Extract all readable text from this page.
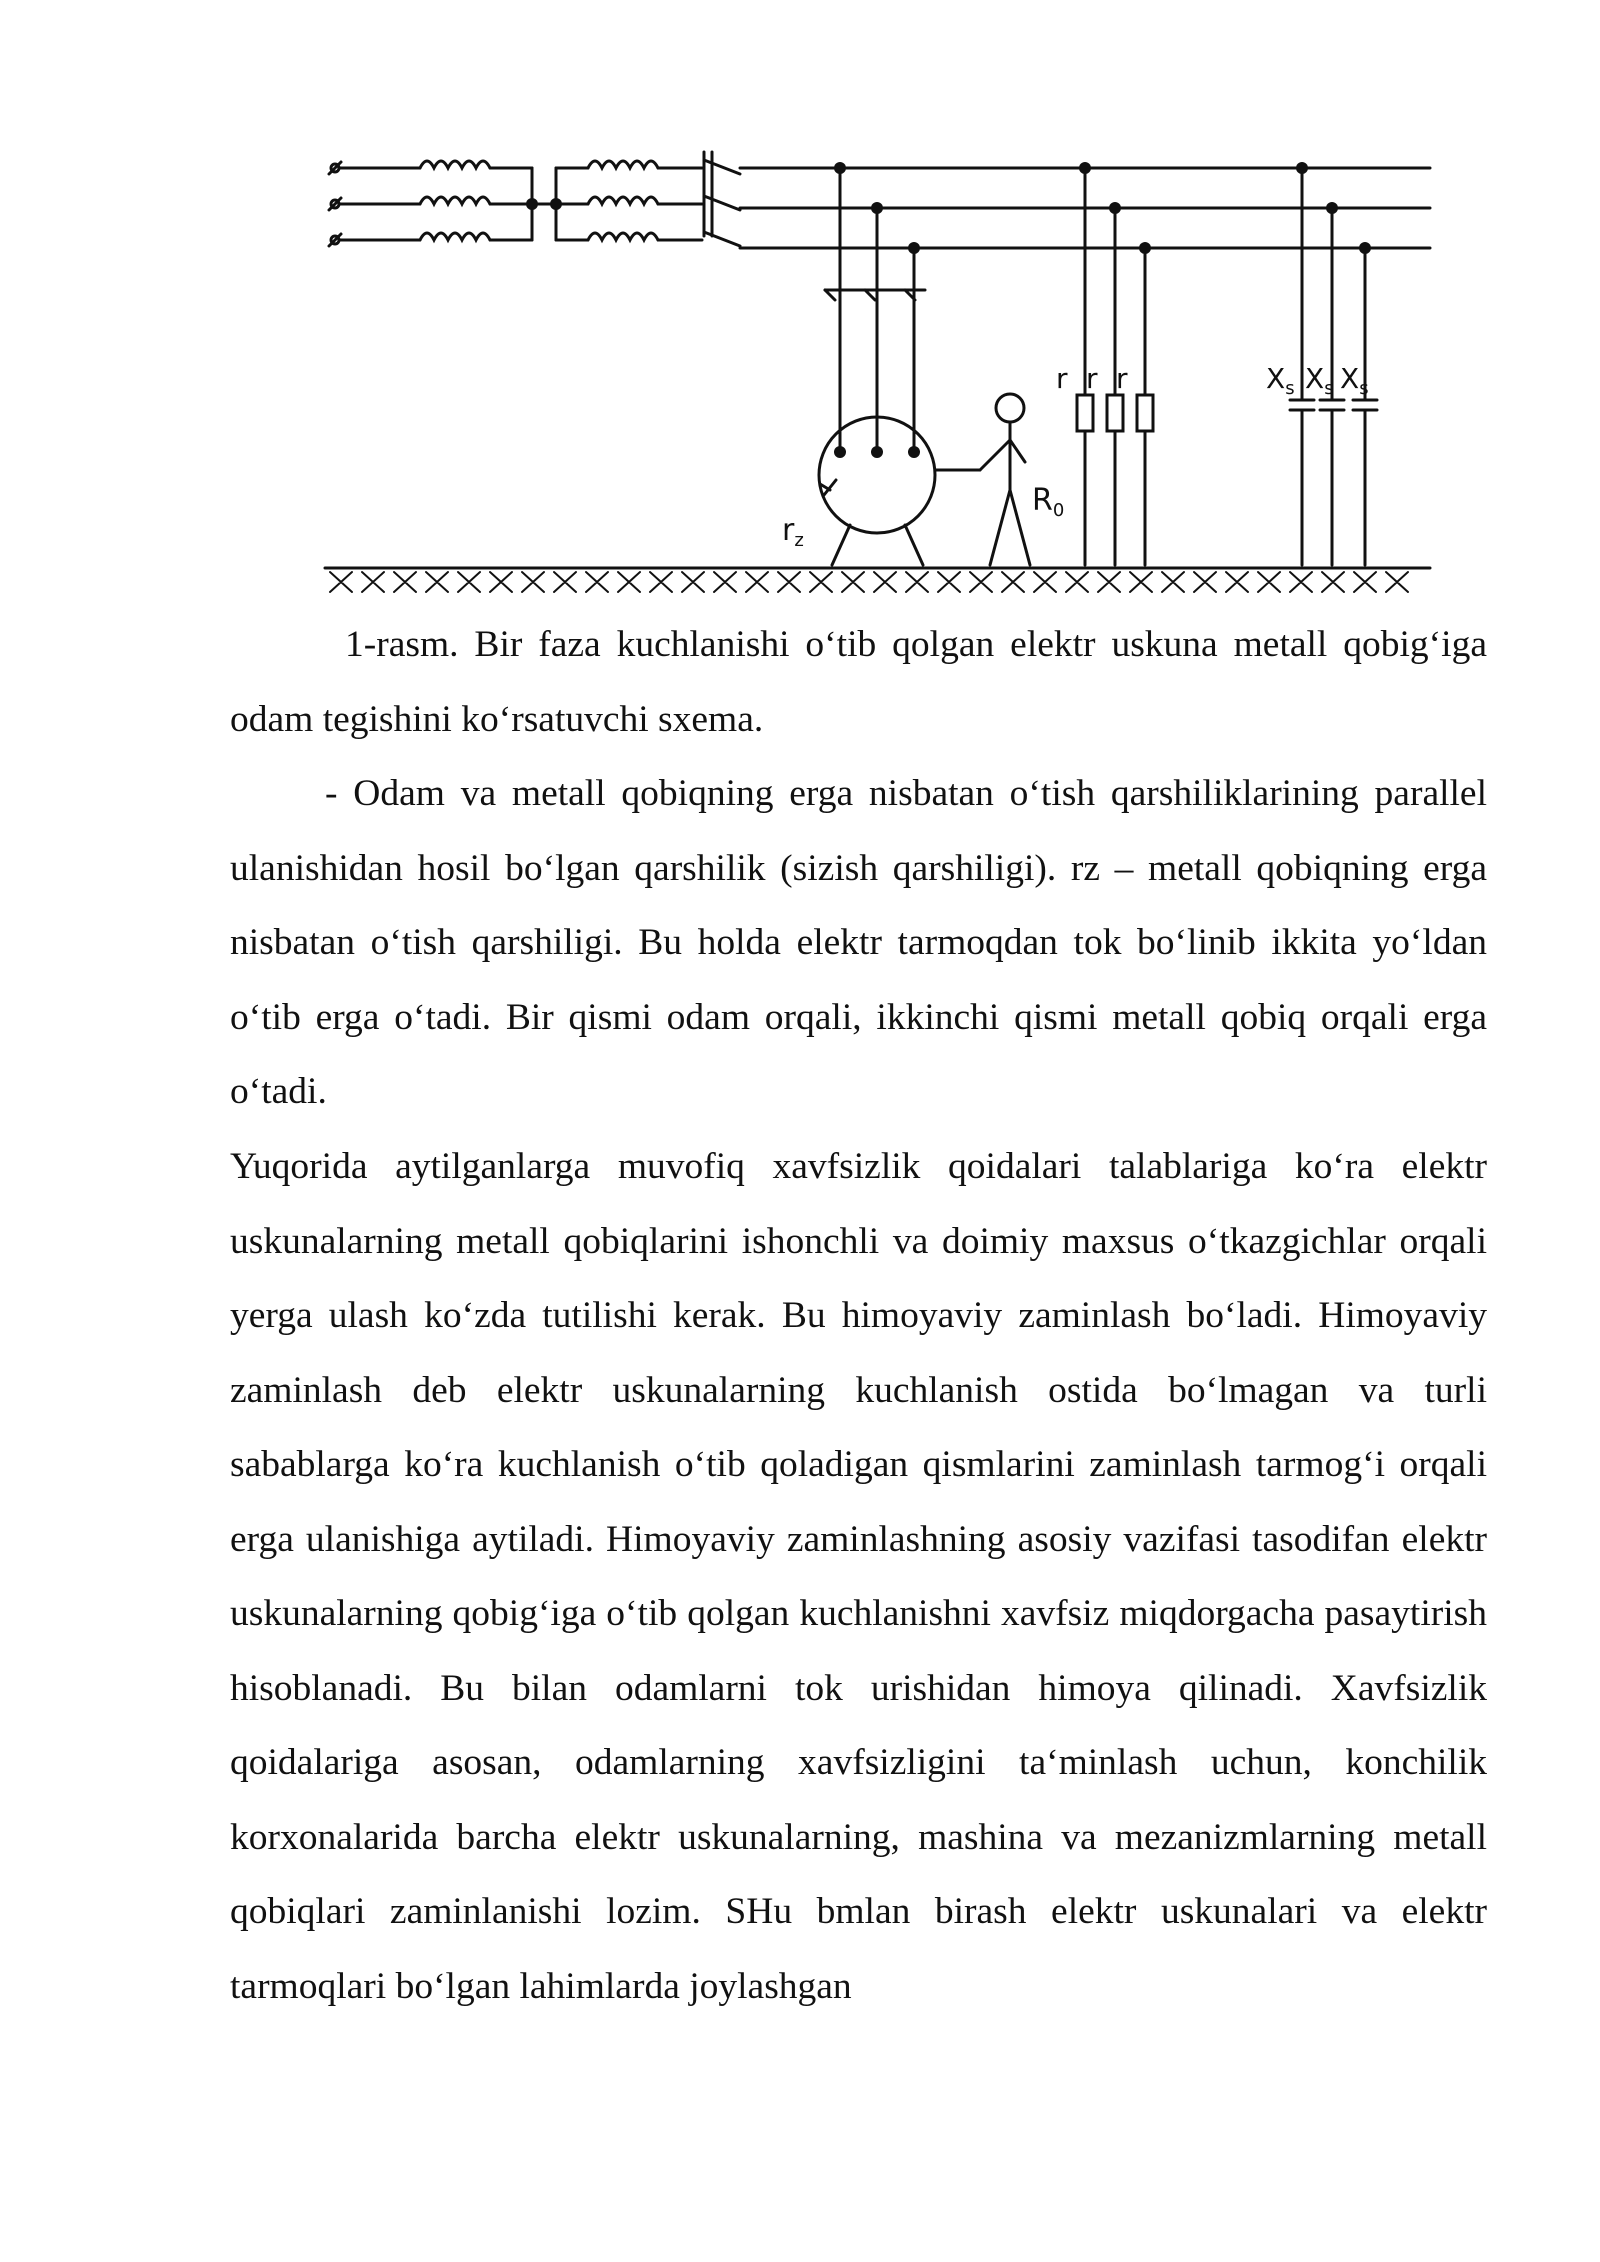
r r r	$X_s$ $X_s$ $X_s$
$R_0$
$r_z$

1-rasm. Bir faza kuchlanishi o‘tib qolgan elektr uskuna metall qobig‘iga odam tegishini ko‘rsatuvchi sxema.

- Odam va metall qobiqning erga nisbatan o‘tish qarshiliklarining parallel ulanishidan hosil bo‘lgan qarshilik (sizish qarshiligi). rz – metall qobiqning erga nisbatan o‘tish qarshiligi. Bu holda elektr tarmoqdan tok bo‘linib ikkita yo‘ldan o‘tib erga o‘tadi. Bir qismi odam orqali, ikkinchi qismi metall qobiq orqali erga o‘tadi.

Yuqorida aytilganlarga muvofiq xavfsizlik qoidalari talablariga ko‘ra elektr uskunalarning metall qobiqlarini ishonchli va doimiy maxsus o‘tkazgichlar orqali yerga ulash ko‘zda tutilishi kerak. Bu himoyaviy zaminlash bo‘ladi. Himoyaviy zaminlash deb elektr uskunalarning kuchlanish ostida bo‘lmagan va turli sabablarga ko‘ra kuchlanish o‘tib qoladigan qismlarini zaminlash tarmog‘i orqali erga ulanishiga aytiladi. Himoyaviy zaminlashning asosiy vazifasi tasodifan elektr uskunalarning qobig‘iga o‘tib qolgan kuchlanishni xavfsiz miqdorgacha pasaytirish hisoblanadi. Bu bilan odamlarni tok urishidan himoya qilinadi. Xavfsizlik qoidalariga asosan, odamlarning xavfsizligini ta‘minlash uchun, konchilik korxonalarida barcha elektr uskunalarning, mashina va mezanizmlarning metall qobiqlari zaminlanishi lozim. SHu bmlan birash elektr uskunalari va elektr tarmoqlari bo‘lgan lahimlarda joylashgan
